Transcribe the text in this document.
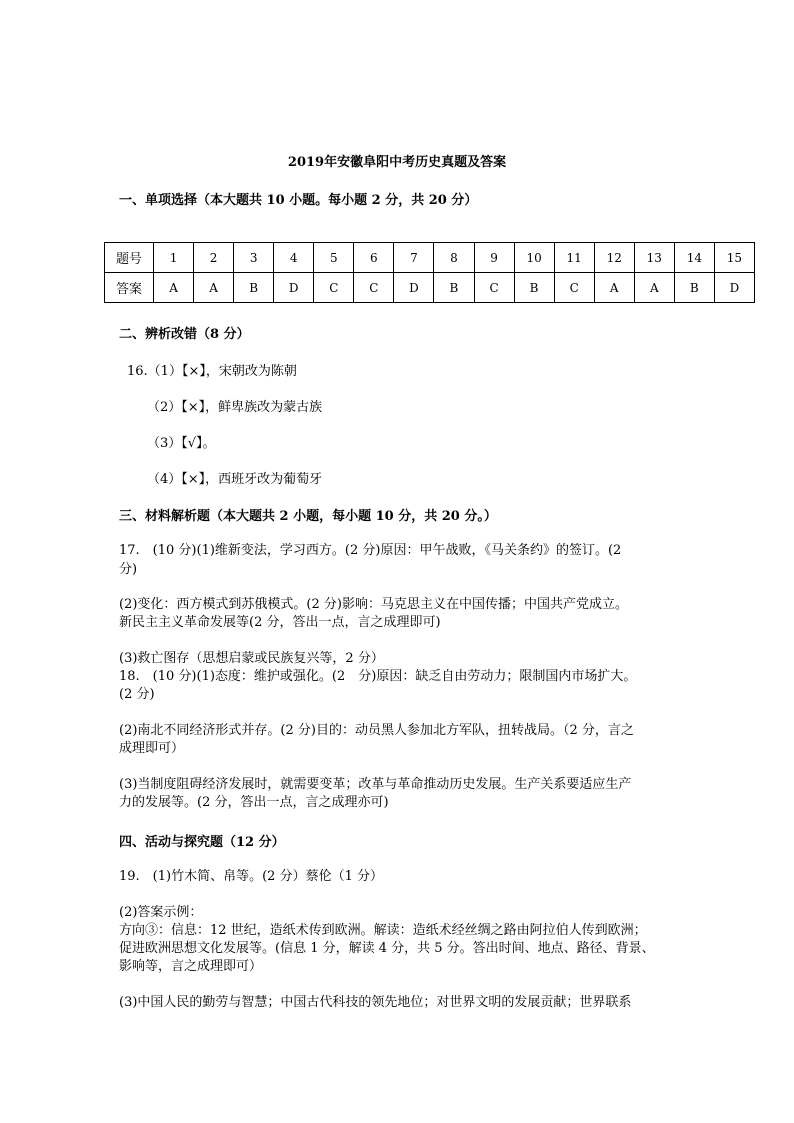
2019年安徽阜阳中考历史真题及答案
一、单项选择（本大题共 10 小题。每小题 2 分，共 20 分）
题号	1	2	3	4	5	6	7	8	9	10	11	12	13	14	15
答案	A	A	B	D	C	C	D	B	C	B	C	A	A	B	D
二、辨析改错（8 分）
16.（1）【×】，宋朝改为陈朝
（2）【×】，鲜卑族改为蒙古族
（3）【√】。
（4）【×】，西班牙改为葡萄牙
三、材料解析题（本大题共 2 小题，每小题 10 分，共 20 分。）
17.　(10 分)(1)维新变法，学习西方。(2 分)原因：甲午战败，《马关条约》的签订。(2
分)
(2)变化：西方模式到苏俄模式。(2 分)影响：马克思主义在中国传播；中国共产党成立。
新民主主义革命发展等(2 分，答出一点，言之成理即可)
(3)救亡图存（思想启蒙或民族复兴等，2 分）
18.　(10 分)(1)态度：维护或强化。(2　分)原因：缺乏自由劳动力；限制国内市场扩大。
(2 分)
(2)南北不同经济形式并存。(2 分)目的：动员黑人参加北方军队，扭转战局。（2 分，言之
成理即可）
(3)当制度阻碍经济发展时，就需要变革；改革与革命推动历史发展。生产关系要适应生产
力的发展等。(2 分，答出一点，言之成理亦可)
四、活动与探究题（12 分）
19.　(1)竹木简、帛等。(2 分）蔡伦（1 分）
(2)答案示例：
方向③：信息：12 世纪，造纸术传到欧洲。解读：造纸术经丝绸之路由阿拉伯人传到欧洲；
促进欧洲思想文化发展等。(信息 1 分，解读 4 分，共 5 分。答出时间、地点、路径、背景、
影响等，言之成理即可）
(3)中国人民的勤劳与智慧；中国古代科技的领先地位；对世界文明的发展贡献；世界联系
